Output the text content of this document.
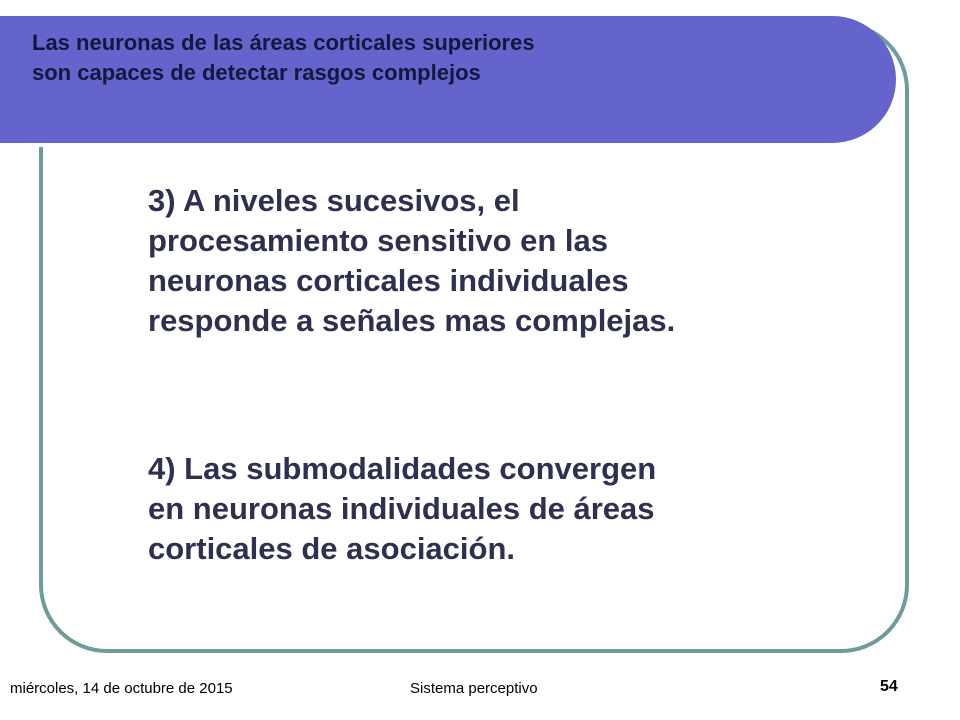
Las neuronas de las áreas corticales superiores
son capaces de detectar rasgos complejos

3) A niveles sucesivos, el
procesamiento sensitivo en las
neuronas corticales individuales
responde a señales mas complejas.

4) Las submodalidades convergen
en neuronas individuales de áreas
corticales de asociación.

miércoles, 14 de octubre de 2015	Sistema perceptivo	54
